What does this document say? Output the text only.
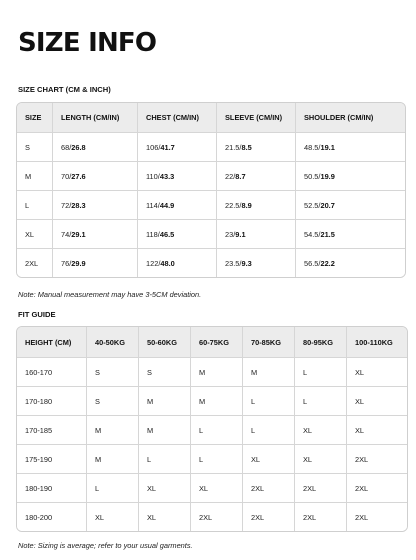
SIZE INFO
SIZE CHART (CM & INCH)
SIZE	LENGTH (CM/IN)	CHEST (CM/IN)	SLEEVE (CM/IN)	SHOULDER (CM/IN)
S	68/26.8	106/41.7	21.5/8.5	48.5/19.1
M	70/27.6	110/43.3	22/8.7	50.5/19.9
L	72/28.3	114/44.9	22.5/8.9	52.5/20.7
XL	74/29.1	118/46.5	23/9.1	54.5/21.5
2XL	76/29.9	122/48.0	23.5/9.3	56.5/22.2
Note: Manual measurement may have 3-5CM deviation.
FIT GUIDE
HEIGHT (CM)	40-50KG	50-60KG	60-75KG	70-85KG	80-95KG	100-110KG
160-170	S	S	M	M	L	XL
170-180	S	M	M	L	L	XL
170-185	M	M	L	L	XL	XL
175-190	M	L	L	XL	XL	2XL
180-190	L	XL	XL	2XL	2XL	2XL
180-200	XL	XL	2XL	2XL	2XL	2XL
Note: Sizing is average; refer to your usual garments.
